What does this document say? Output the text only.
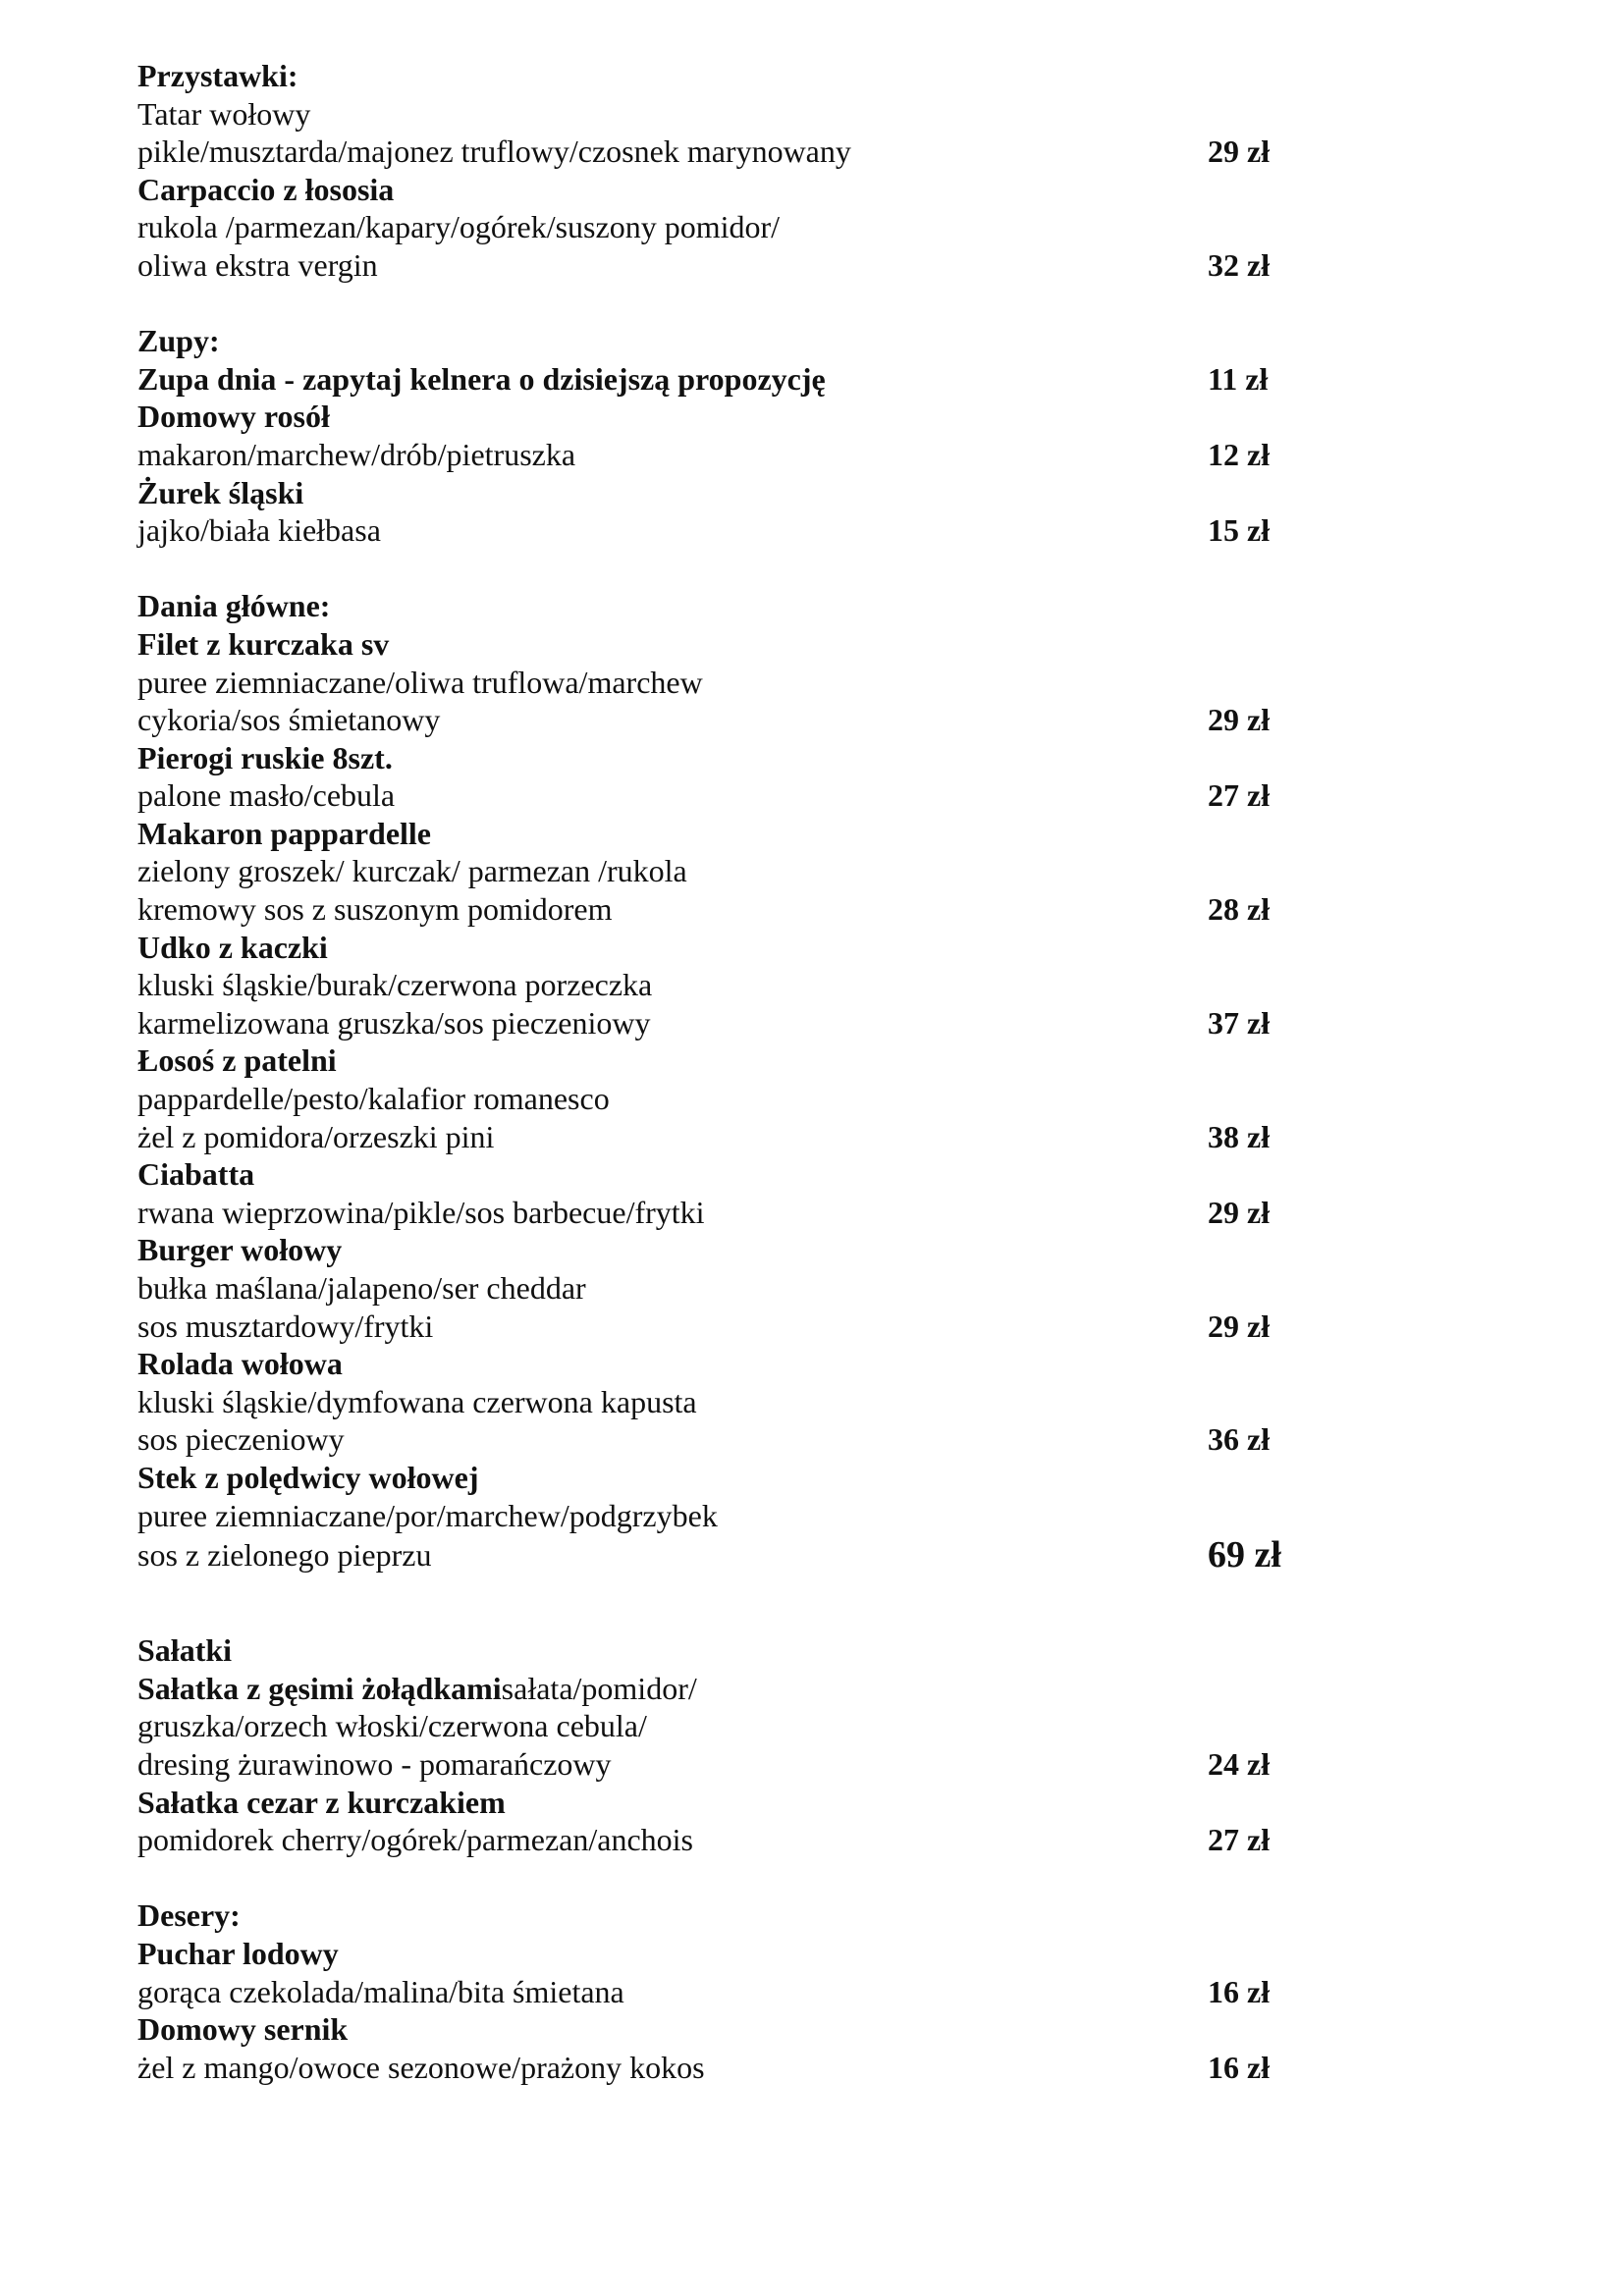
Przystawki:
Tatar wołowy
pikle/musztarda/majonez truflowy/czosnek marynowany	29 zł
Carpaccio z łososia
rukola /parmezan/kapary/ogórek/suszony pomidor/
oliwa ekstra vergin	32 zł
Zupy:
Zupa dnia - zapytaj kelnera o dzisiejszą propozycję	11 zł
Domowy rosół
makaron/marchew/drób/pietruszka	12 zł
Żurek śląski
jajko/biała kiełbasa	15 zł
Dania główne:
Filet z kurczaka sv
puree ziemniaczane/oliwa truflowa/marchew
cykoria/sos śmietanowy	29 zł
Pierogi ruskie 8szt.
palone masło/cebula	27 zł
Makaron pappardelle
zielony groszek/ kurczak/ parmezan /rukola
kremowy sos z suszonym pomidorem	28 zł
Udko z kaczki
kluski śląskie/burak/czerwona porzeczka
karmelizowana gruszka/sos pieczeniowy	37 zł
Łosoś z patelni
pappardelle/pesto/kalafior romanesco
żel z pomidora/orzeszki pini	38 zł
Ciabatta
rwana wieprzowina/pikle/sos barbecue/frytki	29 zł
Burger wołowy
bułka maślana/jalapeno/ser cheddar
sos musztardowy/frytki	29 zł
Rolada wołowa
kluski śląskie/dymfowana czerwona kapusta
sos pieczeniowy	36 zł
Stek z polędwicy wołowej
puree ziemniaczane/por/marchew/podgrzybek
sos z zielonego pieprzu	69 zł
Sałatki
Sałatka z gęsimi żołądkamisałata/pomidor/
gruszka/orzech włoski/czerwona cebula/
dresing żurawinowo - pomarańczowy	24 zł
Sałatka cezar z kurczakiem
pomidorek cherry/ogórek/parmezan/anchois	27 zł
Desery:
Puchar lodowy
gorąca czekolada/malina/bita śmietana	16 zł
Domowy sernik
żel z mango/owoce sezonowe/prażony kokos	16 zł
